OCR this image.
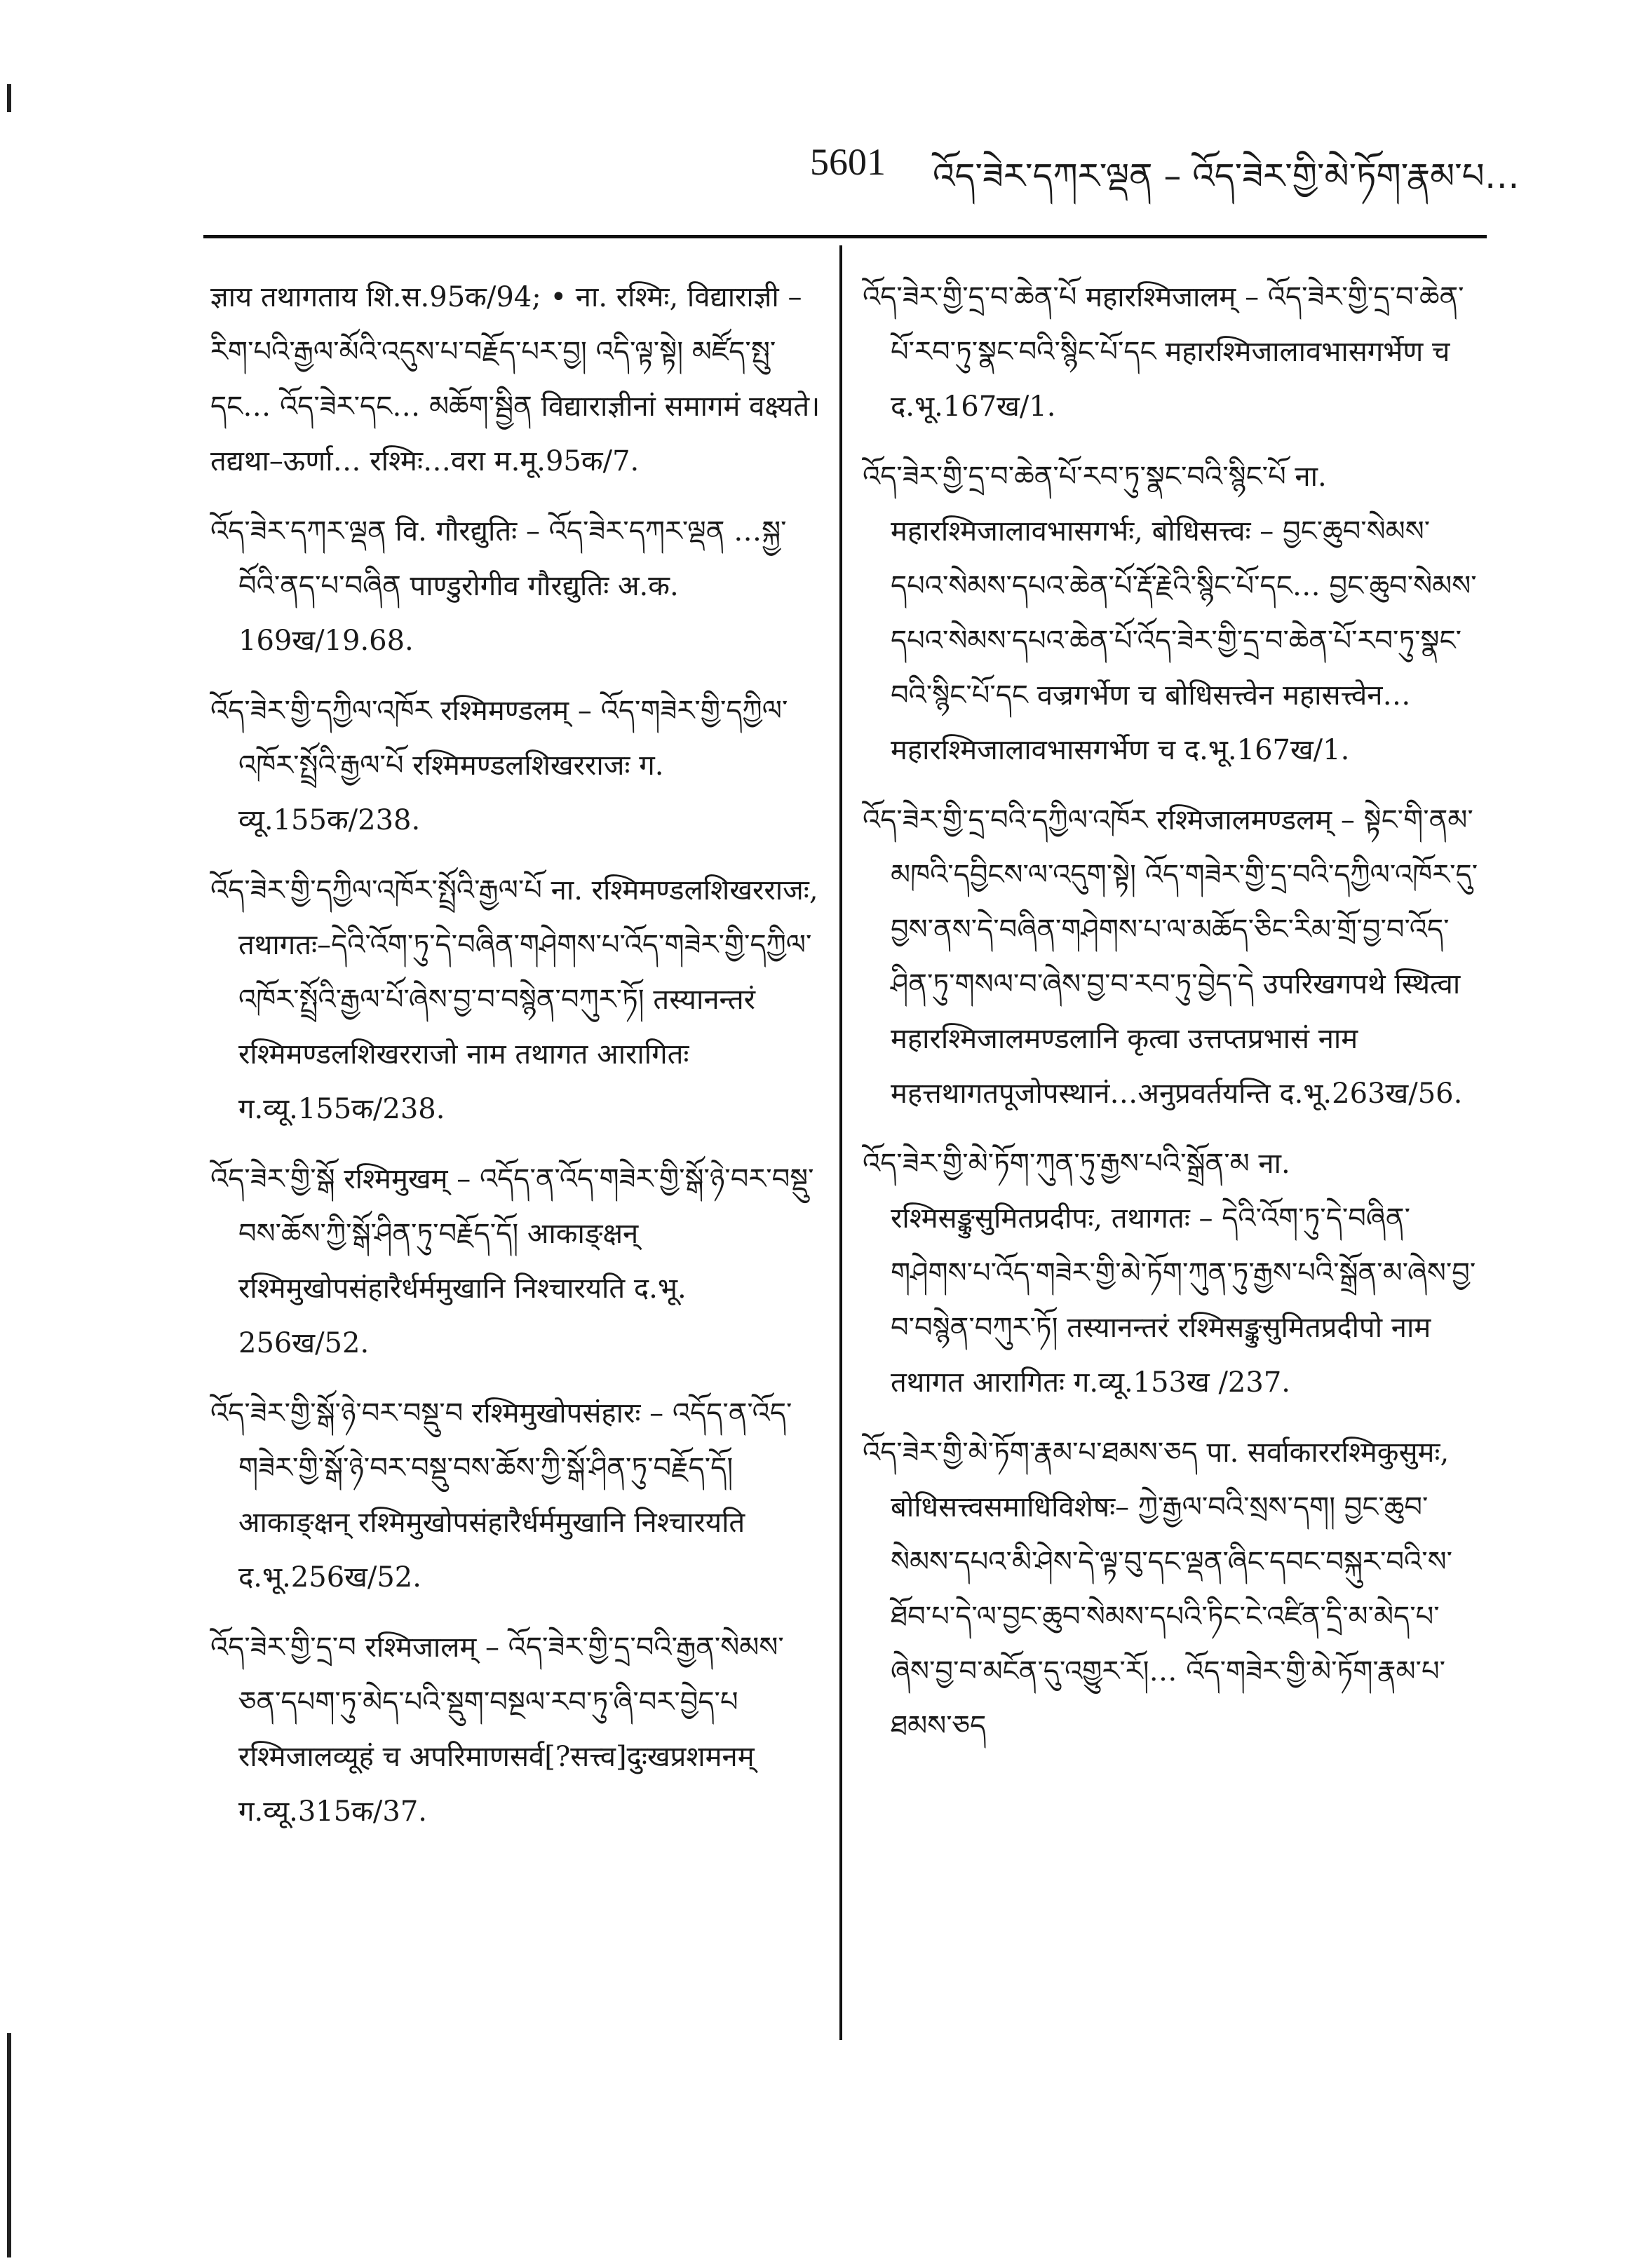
5601 འོད་ཟེར་དཀར་ལྡན – འོད་ཟེར་གྱི་མེ་ཏོག་རྣམ་པ…

ज्ञाय तथागताय शि.स.95क/94; • ना. रश्मिः, विद्याराज्ञी – རིག་པའི་རྒྱལ་མོའི་འདུས་པ་བརྗོད་པར་བྱ། འདི་ལྟ་སྟེ། མཛོད་སྤུ་དང… འོད་ཟེར་དང… མཆོག་སྦྱིན विद्याराज्ञीनां समागमं वक्ष्यते। तद्यथा–ऊर्णा… रश्मिः…वरा म.मू.95क/7.

འོད་ཟེར་དཀར་ལྡན वि. गौरद्युतिः – འོད་ཟེར་དཀར་ལྡན …སྐྱ་བོའི་ནད་པ་བཞིན पाण्डुरोगीव गौरद्युतिः अ.क. 169ख/19.68.

འོད་ཟེར་གྱི་དཀྱིལ་འཁོར रश्मिमण्डलम् – འོད་གཟེར་གྱི་དཀྱིལ་འཁོར་སྤྲོའི་རྒྱལ་པོ रश्मिमण्डलशिखरराजः ग. व्यू.155क/238.

འོད་ཟེར་གྱི་དཀྱིལ་འཁོར་སྤྲོའི་རྒྱལ་པོ ना. रश्मिमण्डलशिखरराजः, तथागतः–དེའི་འོག་ཏུ་དེ་བཞིན་གཤེགས་པ་འོད་གཟེར་གྱི་དཀྱིལ་འཁོར་སྤྲོའི་རྒྱལ་པོ་ཞེས་བྱ་བ་བསྙེན་བཀུར་ཏོ། तस्यानन्तरं रश्मिमण्डलशिखरराजो नाम तथागत आरागितः ग.व्यू.155क/238.

འོད་ཟེར་གྱི་སྒོ रश्मिमुखम् – འདོད་ན་འོད་གཟེར་གྱི་སྒོ་ཉེ་བར་བསྡུ་བས་ཆོས་ཀྱི་སྒོ་ཤིན་ཏུ་བརྗོད་དོ། आकाङ्क्षन् रश्मिमुखोपसंहारैर्धर्ममुखानि निश्चारयति द.भू. 256ख/52.

འོད་ཟེར་གྱི་སྒོ་ཉེ་བར་བསྡུ་བ रश्मिमुखोपसंहारः – འདོད་ན་འོད་གཟེར་གྱི་སྒོ་ཉེ་བར་བསྡུ་བས་ཆོས་ཀྱི་སྒོ་ཤིན་ཏུ་བརྗོད་དོ། आकाङ्क्षन् रश्मिमुखोपसंहारैर्धर्ममुखानि निश्चारयति द.भू.256ख/52.

འོད་ཟེར་གྱི་དྲ་བ रश्मिजालम् – འོད་ཟེར་གྱི་དྲ་བའི་རྒྱན་སེམས་ཅན་དཔག་ཏུ་མེད་པའི་སྡུག་བསྔལ་རབ་ཏུ་ཞི་བར་བྱེད་པ रश्मिजालव्यूहं च अपरिमाणसर्व[?सत्त्व]दुःखप्रशमनम् ग.व्यू.315क/37.

འོད་ཟེར་གྱི་དྲ་བ་ཆེན་པོ महारश्मिजालम् – འོད་ཟེར་གྱི་དྲ་བ་ཆེན་པོ་རབ་ཏུ་སྣང་བའི་སྙིང་པོ་དང महारश्मिजालावभासगर्भेण च द.भू.167ख/1.

འོད་ཟེར་གྱི་དྲ་བ་ཆེན་པོ་རབ་ཏུ་སྣང་བའི་སྙིང་པོ ना. महारश्मिजालावभासगर्भः, बोधिसत्त्वः – བྱང་ཆུབ་སེམས་དཔའ་སེམས་དཔའ་ཆེན་པོ་རྡོ་རྗེའི་སྙིང་པོ་དང… བྱང་ཆུབ་སེམས་དཔའ་སེམས་དཔའ་ཆེན་པོ་འོད་ཟེར་གྱི་དྲ་བ་ཆེན་པོ་རབ་ཏུ་སྣང་བའི་སྙིང་པོ་དང वज्रगर्भेण च बोधिसत्त्वेन महासत्त्वेन…महारश्मिजालावभासगर्भेण च द.भू.167ख/1.

འོད་ཟེར་གྱི་དྲ་བའི་དཀྱིལ་འཁོར रश्मिजालमण्डलम् – སྟེང་གི་ནམ་མཁའི་དབྱིངས་ལ་འདུག་སྟེ། འོད་གཟེར་གྱི་དྲ་བའི་དཀྱིལ་འཁོར་དུ་བྱས་ནས་དེ་བཞིན་གཤེགས་པ་ལ་མཆོད་ཅིང་རིམ་གྲོ་བྱ་བ་འོད་ཤིན་ཏུ་གསལ་བ་ཞེས་བྱ་བ་རབ་ཏུ་བྱེད་དེ उपरिखगपथे स्थित्वा महारश्मिजालमण्डलानि कृत्वा उत्तप्तप्रभासं नाम महत्तथागतपूजोपस्थानं…अनुप्रवर्तयन्ति द.भू.263ख/56.

འོད་ཟེར་གྱི་མེ་ཏོག་ཀུན་ཏུ་རྒྱས་པའི་སྒྲོན་མ ना. रश्मिसङ्कुसुमितप्रदीपः, तथागतः – དེའི་འོག་ཏུ་དེ་བཞིན་གཤེགས་པ་འོད་གཟེར་གྱི་མེ་ཏོག་ཀུན་ཏུ་རྒྱས་པའི་སྒྲོན་མ་ཞེས་བྱ་བ་བསྙེན་བཀུར་ཏོ། तस्यानन्तरं रश्मिसङ्कुसुमितप्रदीपो नाम तथागत आरागितः ग.व्यू.153ख /237.

འོད་ཟེར་གྱི་མེ་ཏོག་རྣམ་པ་ཐམས་ཅད पा. सर्वाकाररश्मिकुसुमः, बोधिसत्त्वसमाधिविशेषः– ཀྱེ་རྒྱལ་བའི་སྲས་དག། བྱང་ཆུབ་སེམས་དཔའ་མི་ཤེས་དེ་ལྟ་བུ་དང་ལྡན་ཞིང་དབང་བསྐུར་བའི་ས་ཐོབ་པ་དེ་ལ་བྱང་ཆུབ་སེམས་དཔའི་ཏིང་ངེ་འཛིན་དྲི་མ་མེད་པ་ཞེས་བྱ་བ་མངོན་དུ་འགྱུར་རོ།… འོད་གཟེར་གྱི་མེ་ཏོག་རྣམ་པ་ཐམས་ཅད
